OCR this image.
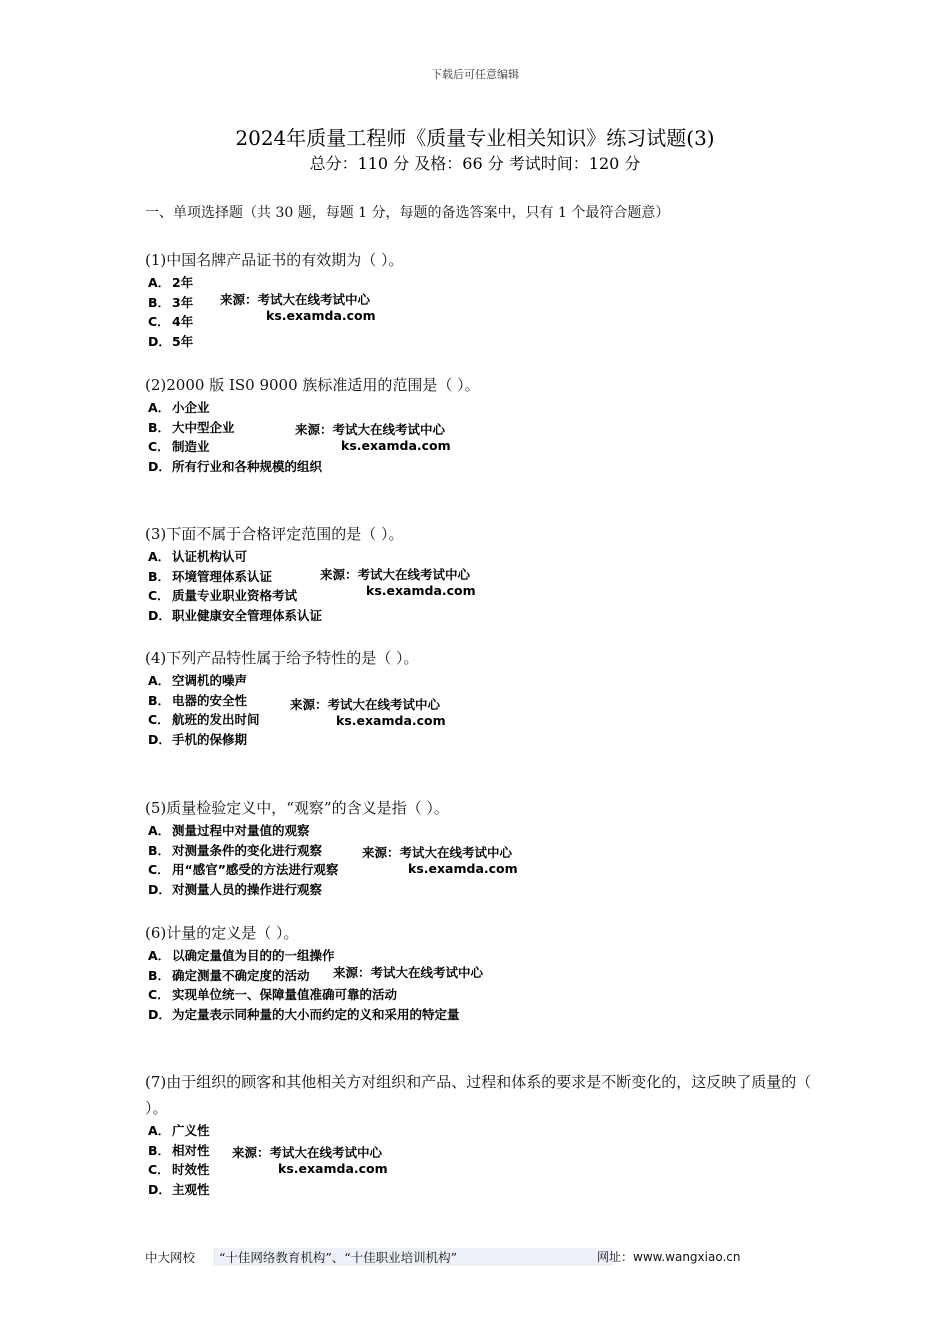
下载后可任意编辑
2024年质量工程师《质量专业相关知识》练习试题(3)
总分：110 分 及格：66 分 考试时间：120 分
一、单项选择题（共 30 题，每题 1 分，每题的备选答案中，只有 1 个最符合题意）
(1)中国名牌产品证书的有效期为（ ）。
A． 2年
B． 3年
C． 4年
D．5年
来源：考试大在线考试中心
ks.examda.com
(2)2000 版 IS0 9000 族标准适用的范围是（ ）。
A． 小企业
B． 大中型企业
C． 制造业
D．所有行业和各种规模的组织
来源：考试大在线考试中心
ks.examda.com
(3)下面不属于合格评定范围的是（ ）。
A． 认证机构认可
B． 环境管理体系认证
C． 质量专业职业资格考试
D．职业健康安全管理体系认证
来源：考试大在线考试中心
ks.examda.com
(4)下列产品特性属于给予特性的是（ ）。
A． 空调机的噪声
B． 电器的安全性
C． 航班的发出时间
D．手机的保修期
来源：考试大在线考试中心
ks.examda.com
(5)质量检验定义中，“观察”的含义是指（ ）。
A． 测量过程中对量值的观察
B． 对测量条件的变化进行观察
C． 用“感官”感受的方法进行观察
D．对测量人员的操作进行观察
来源：考试大在线考试中心
ks.examda.com
(6)计量的定义是（ ）。
A． 以确定量值为目的的一组操作
B． 确定测量不确定度的活动
C． 实现单位统一、保障量值准确可靠的活动
D．为定量表示同种量的大小而约定的义和采用的特定量
来源：考试大在线考试中心
(7)由于组织的顾客和其他相关方对组织和产品、过程和体系的要求是不断变化的，这反映了质量的（ ）。
A． 广义性
B． 相对性
C． 时效性
D．主观性
来源：考试大在线考试中心
ks.examda.com
中大网校	“十佳网络教育机构”、“十佳职业培训机构”	网址：www.wangxiao.cn
